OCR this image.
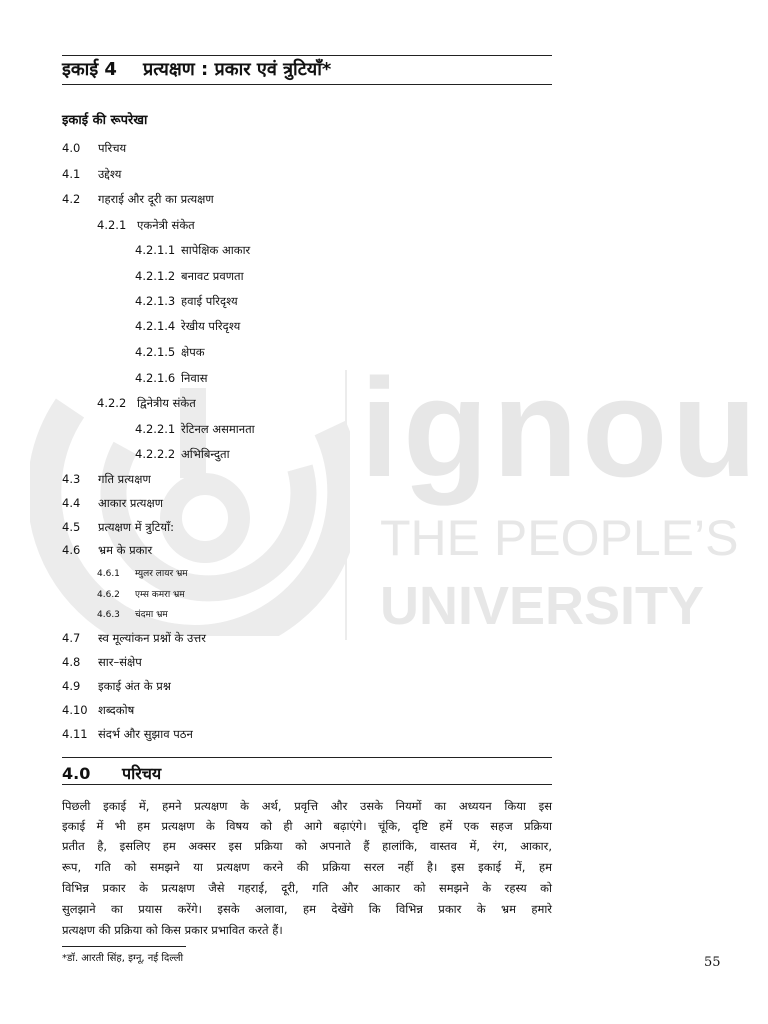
ignou
THE PEOPLE’S
UNIVERSITY
इकाई 4 प्रत्यक्षण : प्रकार एवं त्रुटियाँ*
इकाई की रूपरेखा
4.0 परिचय
4.1 उद्देश्य
4.2 गहराई और दूरी का प्रत्यक्षण
4.2.1 एकनेत्री संकेत
4.2.1.1 सापेक्षिक आकार
4.2.1.2 बनावट प्रवणता
4.2.1.3 हवाई परिदृश्य
4.2.1.4 रेखीय परिदृश्य
4.2.1.5 क्षेपक
4.2.1.6 निवास
4.2.2 द्विनेत्रीय संकेत
4.2.2.1 रेटिनल असमानता
4.2.2.2 अभिबिन्दुता
4.3 गति प्रत्यक्षण
4.4 आकार प्रत्यक्षण
4.5 प्रत्यक्षण में त्रुटियाँ:
4.6 भ्रम के प्रकार
4.6.1 म्युलर लायर भ्रम
4.6.2 एम्स कमरा भ्रम
4.6.3 चंदमा भ्रम
4.7 स्व मूल्यांकन प्रश्नों के उत्तर
4.8 सार–संक्षेप
4.9 इकाई अंत के प्रश्न
4.10 शब्दकोष
4.11 संदर्भ और सुझाव पठन
4.0 परिचय
पिछली इकाई में, हमने प्रत्यक्षण के अर्थ, प्रवृत्ति और उसके नियमों का अध्ययन किया इस
इकाई में भी हम प्रत्यक्षण के विषय को ही आगे बढ़ाएंगे। चूंकि, दृष्टि हमें एक सहज प्रक्रिया
प्रतीत है, इसलिए हम अक्सर इस प्रक्रिया को अपनाते हैं हालांकि, वास्तव में, रंग, आकार,
रूप, गति को समझने या प्रत्यक्षण करने की प्रक्रिया सरल नहीं है। इस इकाई में, हम
विभिन्न प्रकार के प्रत्यक्षण जैसे गहराई, दूरी, गति और आकार को समझने के रहस्य को
सुलझाने का प्रयास करेंगे। इसके अलावा, हम देखेंगे कि विभिन्न प्रकार के भ्रम हमारे
प्रत्यक्षण की प्रक्रिया को किस प्रकार प्रभावित करते हैं।
*डॉ. आरती सिंह, इग्नू, नई दिल्ली	55
